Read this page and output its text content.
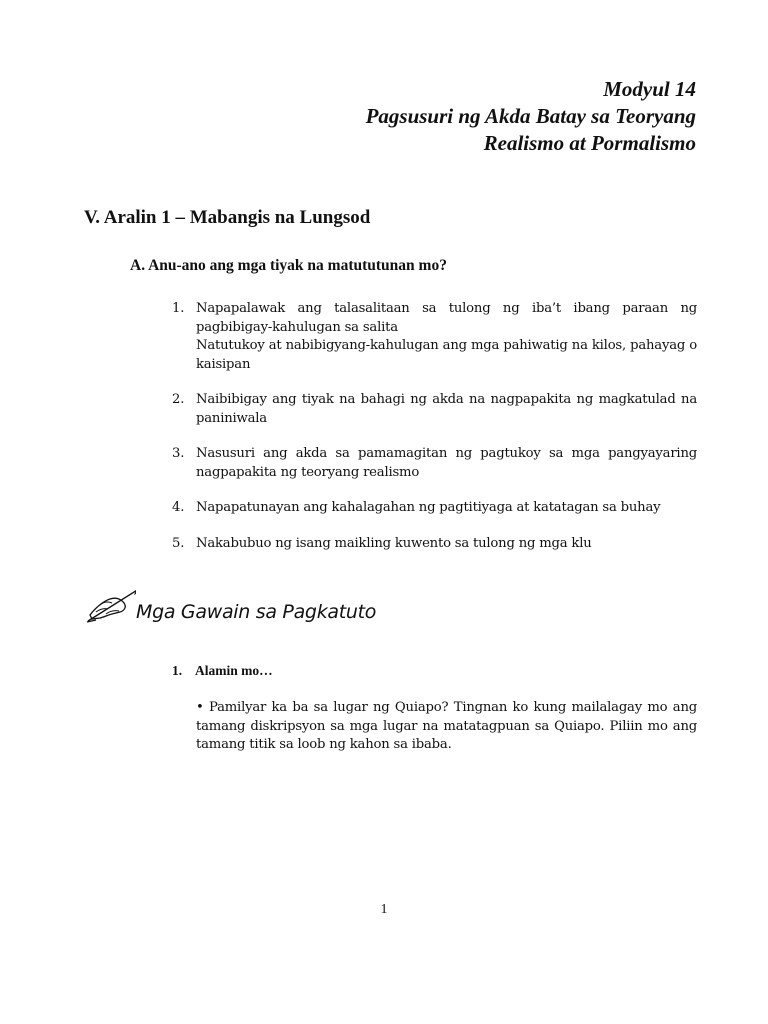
Modyul 14
Pagsusuri ng Akda Batay sa Teoryang
Realismo at Pormalismo
V. Aralin 1 – Mabangis na Lungsod
A. Anu-ano ang mga tiyak na matututunan mo?
1. Napapalawak ang talasalitaan sa tulong ng iba’t ibang paraan ng pagbibigay-kahulugan sa salita
Natutukoy at nabibigyang-kahulugan ang mga pahiwatig na kilos, pahayag o kaisipan
2. Naibibigay ang tiyak na bahagi ng akda na nagpapakita ng magkatulad na paniniwala
3. Nasusuri ang akda sa pamamagitan ng pagtukoy sa mga pangyayaring nagpapakita ng teoryang realismo
4. Napapatunayan ang kahalagahan ng pagtitiyaga at katatagan sa buhay
5. Nakabubuo ng isang maikling kuwento sa tulong ng mga klu
Mga Gawain sa Pagkatuto
1. Alamin mo…
• Pamilyar ka ba sa lugar ng Quiapo? Tingnan ko kung mailalagay mo ang tamang diskripsyon sa mga lugar na matatagpuan sa Quiapo. Piliin mo ang tamang titik sa loob ng kahon sa ibaba.
1
